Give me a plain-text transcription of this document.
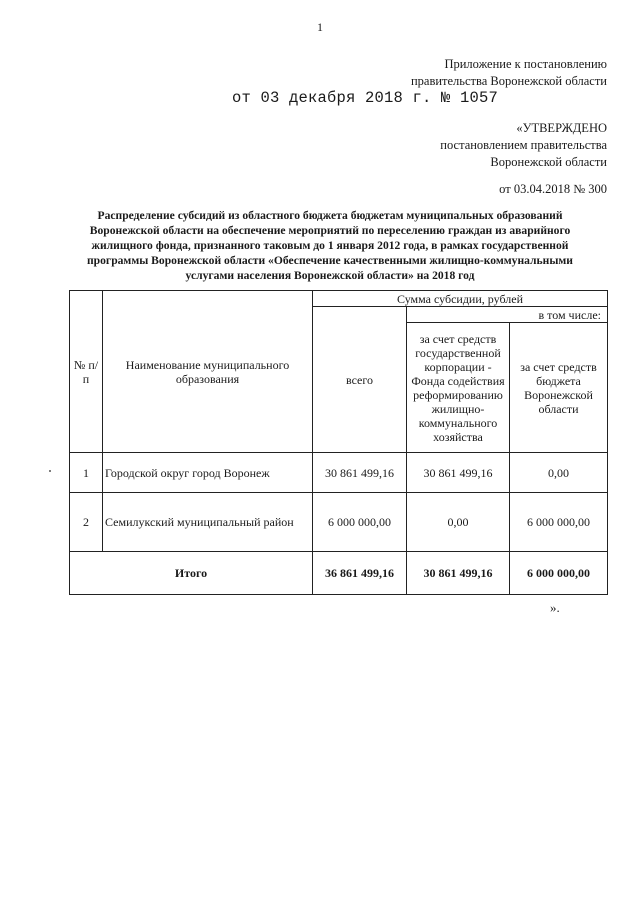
1
Приложение к постановлению
правительства Воронежской области
от 03 декабря 2018 г. № 1057
«УТВЕРЖДЕНО
постановлением правительства
Воронежской области
от 03.04.2018 № 300
Распределение субсидий из областного бюджета бюджетам муниципальных образований
Воронежской области на обеспечение мероприятий по переселению граждан из аварийного
жилищного фонда, признанного таковым до 1 января 2012 года, в рамках государственной
программы Воронежской области «Обеспечение качественными жилищно-коммунальными
услугами населения Воронежской области» на 2018 год
№ п/п	Наименование муниципального образования	Сумма субсидии, рублей		
		всего	в том числе:	
			за счет средств государственной корпорации - Фонда содействия реформированию жилищно-коммунального хозяйства	за счет средств бюджета Воронежской области
1	Городской округ город Воронеж	30 861 499,16	30 861 499,16	0,00
2	Семилукский муниципальный район	6 000 000,00	0,00	6 000 000,00
Итого		36 861 499,16	30 861 499,16	6 000 000,00
».
